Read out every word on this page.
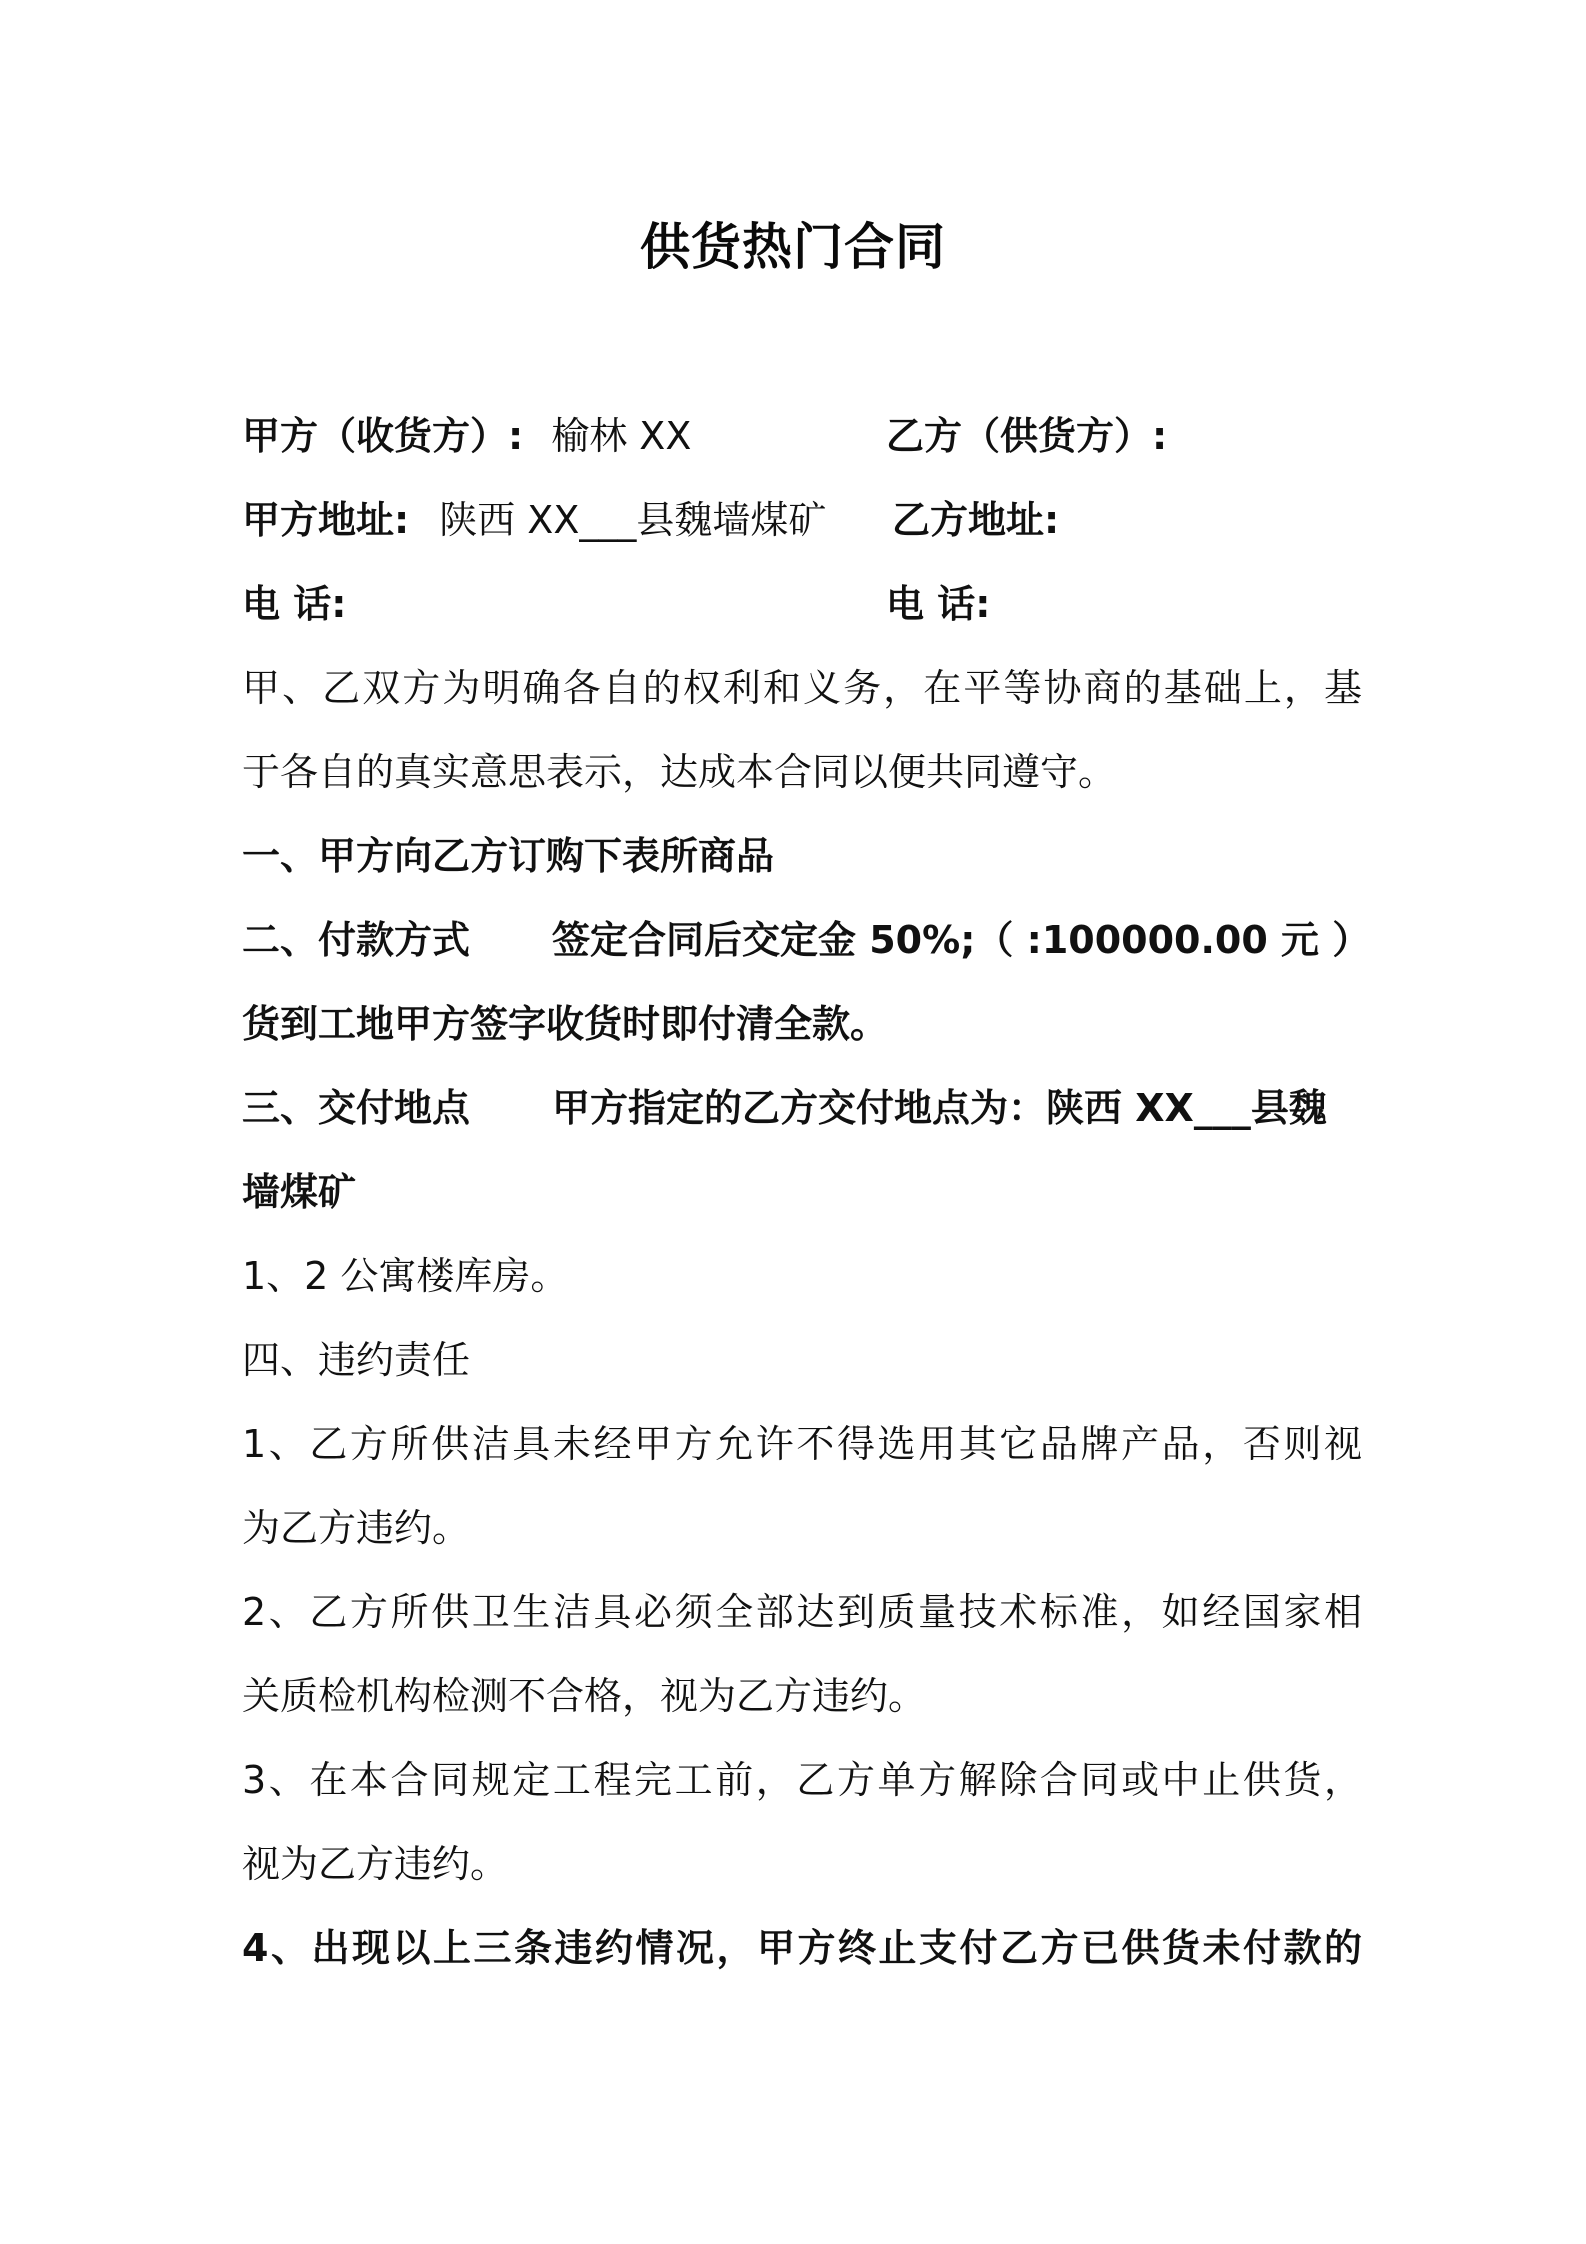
供货热门合同
甲方（收货方）: 榆林 XX	乙方（供货方）:
甲方地址: 陕西 XX___县魏墙煤矿 乙方地址:
电 话:	电 话:
甲、乙双方为明确各自的权利和义务，在平等协商的基础上，基
于各自的真实意思表示，达成本合同以便共同遵守。
一、甲方向乙方订购下表所商品
二、付款方式 签定合同后交定金 50%;（ :100000.00 元 ）
货到工地甲方签字收货时即付清全款。
三、交付地点 甲方指定的乙方交付地点为：陕西 XX___县魏
墙煤矿
1、2 公寓楼库房。
四、违约责任
1、乙方所供洁具未经甲方允许不得选用其它品牌产品，否则视
为乙方违约。
2、乙方所供卫生洁具必须全部达到质量技术标准，如经国家相
关质检机构检测不合格，视为乙方违约。
3、在本合同规定工程完工前，乙方单方解除合同或中止供货，
视为乙方违约。
4、出现以上三条违约情况，甲方终止支付乙方已供货未付款的
